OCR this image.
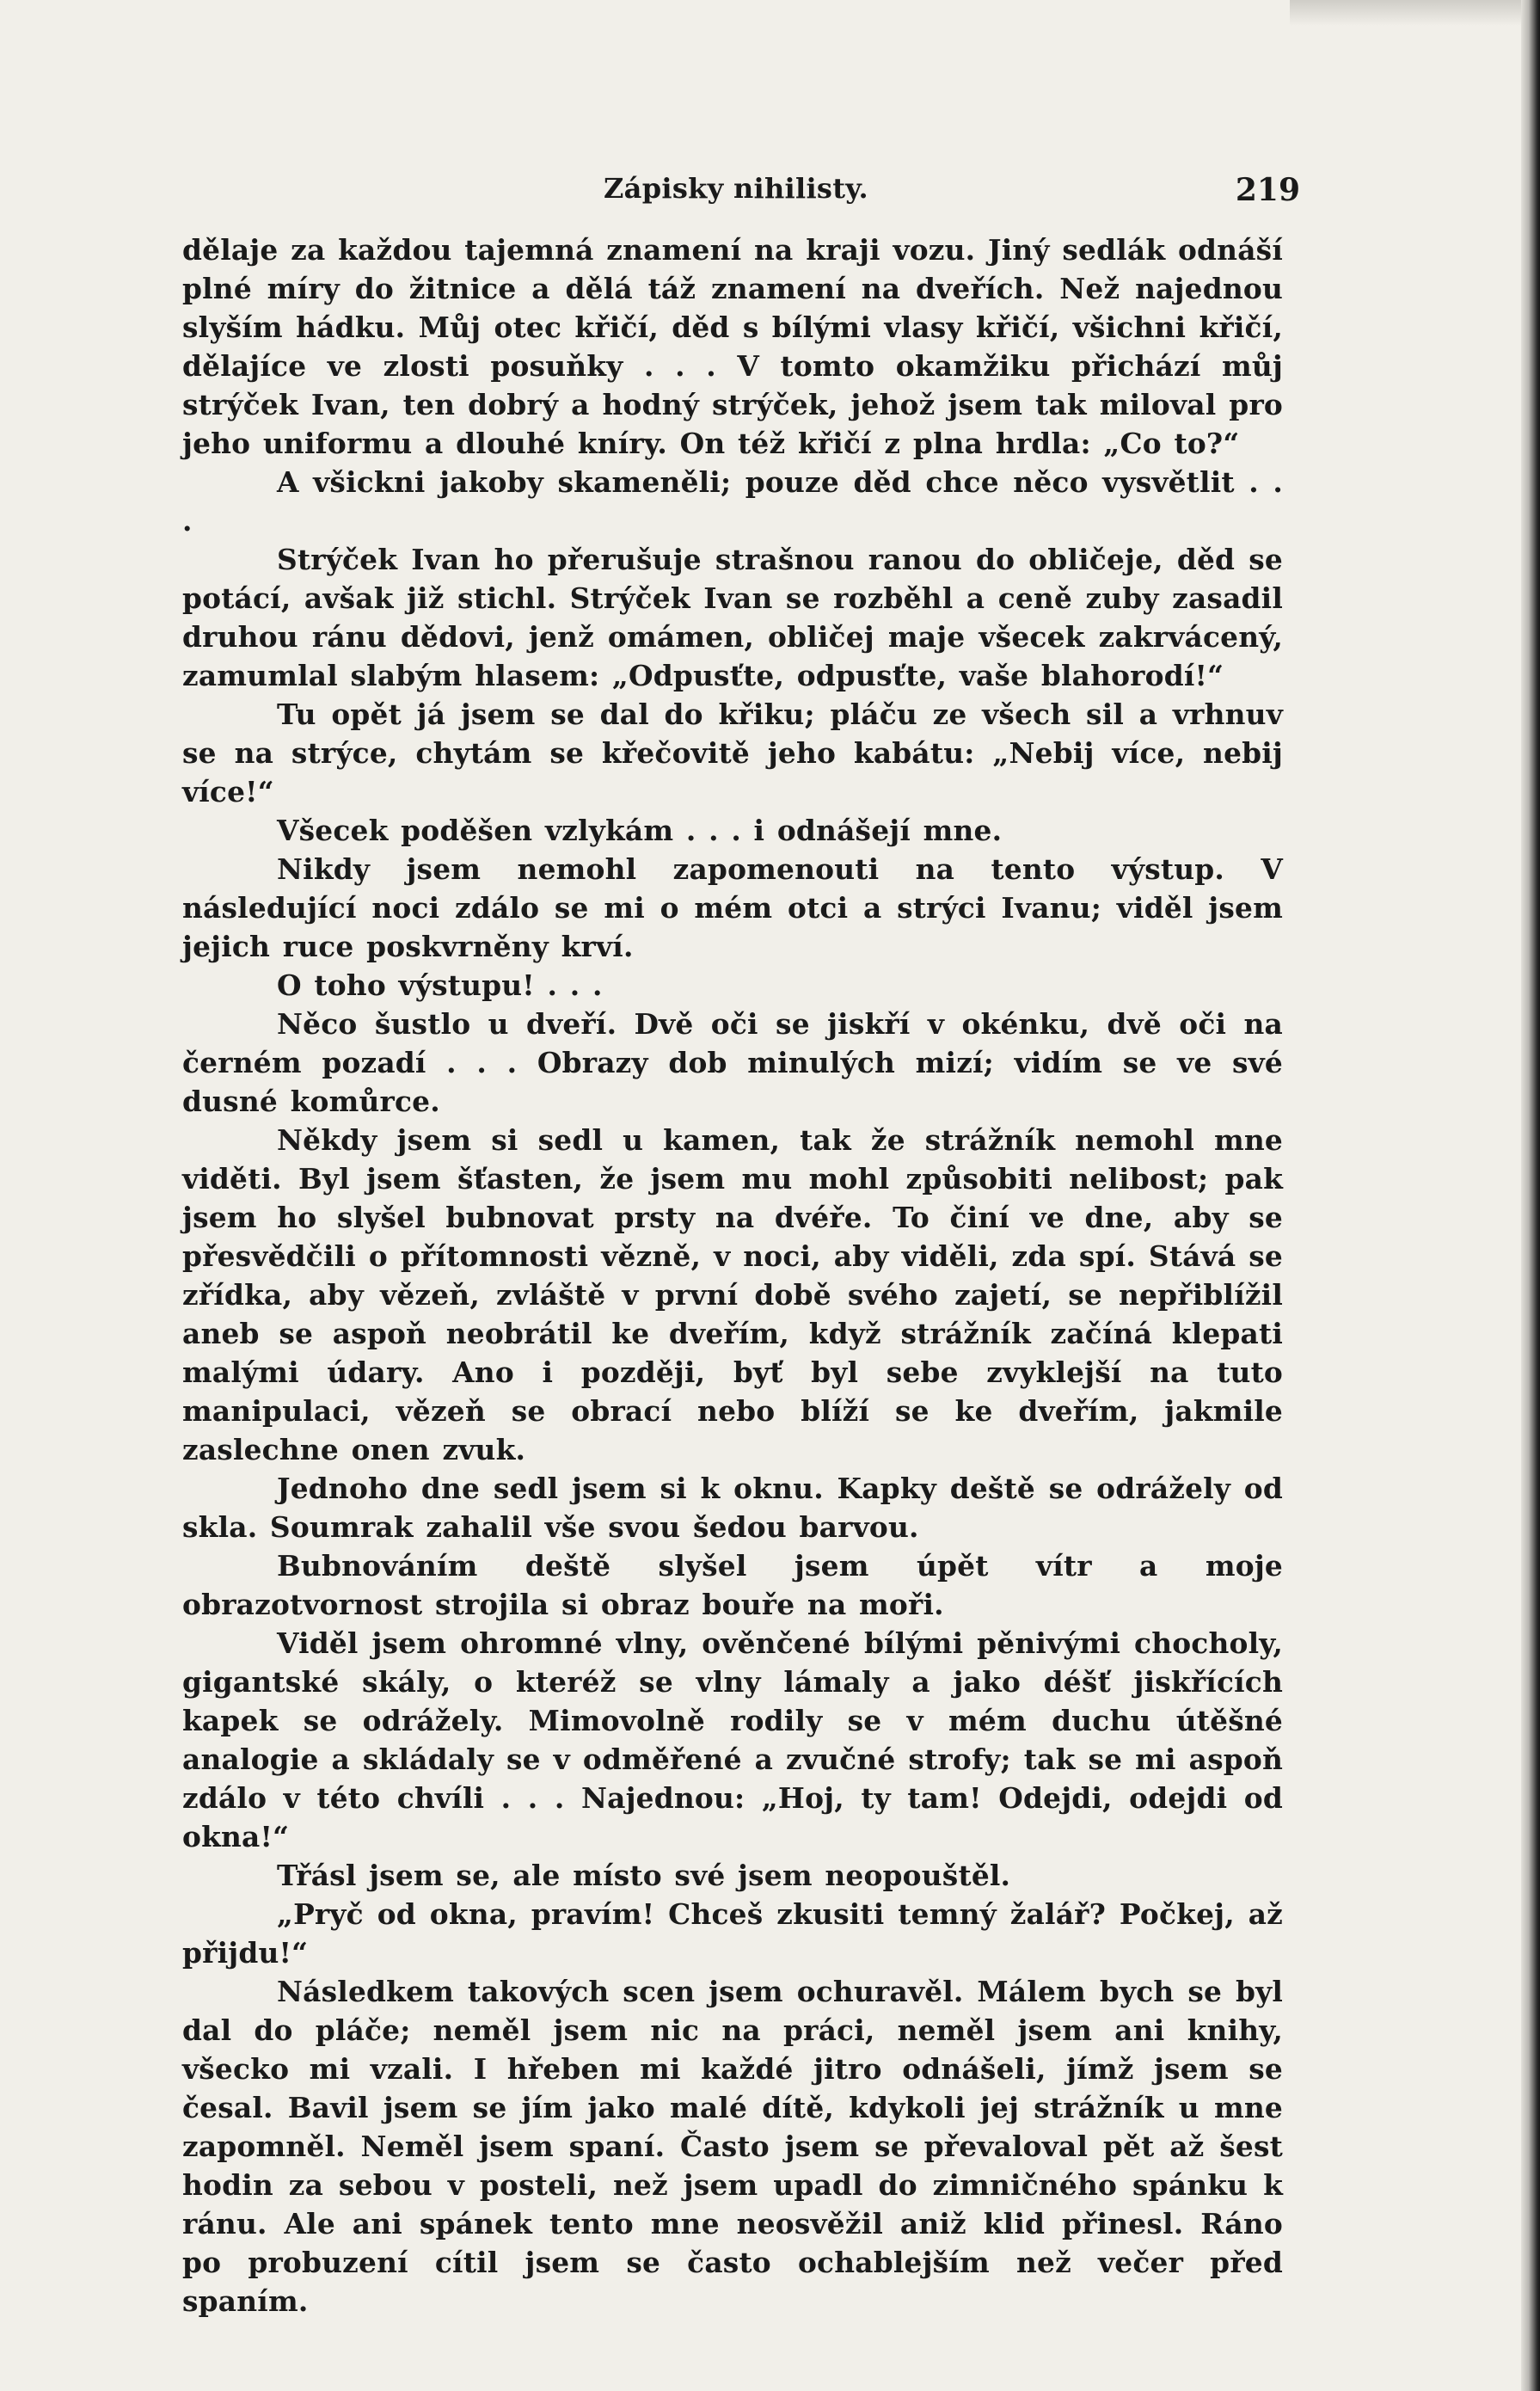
Zápisky nihilisty.	219

dělaje za každou tajemná znamení na kraji vozu. Jiný sedlák odnáší plné míry do žitnice a dělá táž znamení na dveřích. Než najednou slyším hádku. Můj otec křičí, děd s bílými vlasy křičí, všichni křičí, dělajíce ve zlosti posuňky . . . V tomto okamžiku přichází můj strýček Ivan, ten dobrý a hodný strýček, jehož jsem tak miloval pro jeho uniformu a dlouhé kníry. On též křičí z plna hrdla: „Co to?“

A všickni jakoby skameněli; pouze děd chce něco vysvětlit . . .

Strýček Ivan ho přerušuje strašnou ranou do obličeje, děd se potácí, avšak již stichl. Strýček Ivan se rozběhl a ceně zuby zasadil druhou ránu dědovi, jenž omámen, obličej maje všecek zakrvácený, zamumlal slabým hlasem: „Odpusťte, odpusťte, vaše blahorodí!“

Tu opět já jsem se dal do křiku; pláču ze všech sil a vrhnuv se na strýce, chytám se křečovitě jeho kabátu: „Nebij více, nebij více!“

Všecek poděšen vzlykám . . . i odnášejí mne.

Nikdy jsem nemohl zapomenouti na tento výstup. V následující noci zdálo se mi o mém otci a strýci Ivanu; viděl jsem jejich ruce poskvrněny krví.

O toho výstupu! . . .

Něco šustlo u dveří. Dvě oči se jiskří v okénku, dvě oči na černém pozadí . . . Obrazy dob minulých mizí; vidím se ve své dusné komůrce.

Někdy jsem si sedl u kamen, tak že strážník nemohl mne viděti. Byl jsem šťasten, že jsem mu mohl způsobiti nelibost; pak jsem ho slyšel bubnovat prsty na dvéře. To činí ve dne, aby se přesvědčili o přítomnosti vězně, v noci, aby viděli, zda spí. Stává se zřídka, aby vězeň, zvláště v první době svého zajetí, se nepřiblížil aneb se aspoň neobrátil ke dveřím, když strážník začíná klepati malými údary. Ano i později, byť byl sebe zvyklejší na tuto manipulaci, vězeň se obrací nebo blíží se ke dveřím, jakmile zaslechne onen zvuk.

Jednoho dne sedl jsem si k oknu. Kapky deště se odrážely od skla. Soumrak zahalil vše svou šedou barvou.

Bubnováním deště slyšel jsem úpět vítr a moje obrazotvornost strojila si obraz bouře na moři.

Viděl jsem ohromné vlny, ověnčené bílými pěnivými chocholy, gigantské skály, o kteréž se vlny lámaly a jako déšť jiskřících kapek se odrážely. Mimovolně rodily se v mém duchu útěšné analogie a skládaly se v odměřené a zvučné strofy; tak se mi aspoň zdálo v této chvíli . . . Najednou: „Hoj, ty tam! Odejdi, odejdi od okna!“

Třásl jsem se, ale místo své jsem neopouštěl.

„Pryč od okna, pravím! Chceš zkusiti temný žalář? Počkej, až přijdu!“

Následkem takových scen jsem ochuravěl. Málem bych se byl dal do pláče; neměl jsem nic na práci, neměl jsem ani knihy, všecko mi vzali. I hřeben mi každé jitro odnášeli, jímž jsem se česal. Bavil jsem se jím jako malé dítě, kdykoli jej strážník u mne zapomněl. Neměl jsem spaní. Často jsem se převaloval pět až šest hodin za sebou v posteli, než jsem upadl do zimničného spánku k ránu. Ale ani spánek tento mne neosvěžil aniž klid přinesl. Ráno po probuzení cítil jsem se často ochablejším než večer před spaním.
